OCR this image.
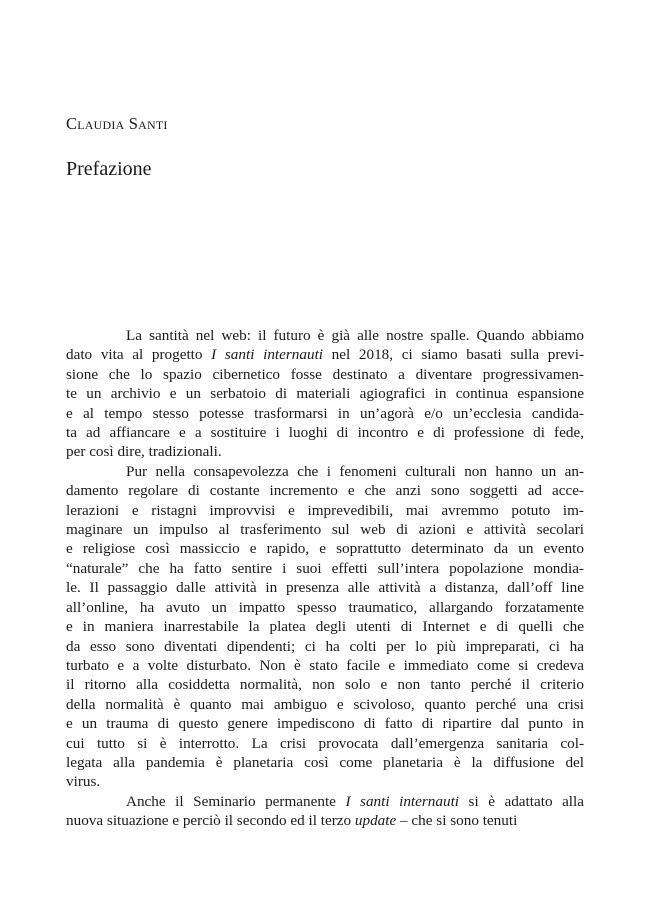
Claudia Santi
Prefazione

La santità nel web: il futuro è già alle nostre spalle. Quando abbiamo
dato vita al progetto I santi internauti nel 2018, ci siamo basati sulla previ-
sione che lo spazio cibernetico fosse destinato a diventare progressivamen-
te un archivio e un serbatoio di materiali agiografici in continua espansione
e al tempo stesso potesse trasformarsi in un’agorà e/o un’ecclesia candida-
ta ad affiancare e a sostituire i luoghi di incontro e di professione di fede,
per così dire, tradizionali.

Pur nella consapevolezza che i fenomeni culturali non hanno un an-
damento regolare di costante incremento e che anzi sono soggetti ad acce-
lerazioni e ristagni improvvisi e imprevedibili, mai avremmo potuto im-
maginare un impulso al trasferimento sul web di azioni e attività secolari
e religiose così massiccio e rapido, e soprattutto determinato da un evento
“naturale” che ha fatto sentire i suoi effetti sull’intera popolazione mondia-
le. Il passaggio dalle attività in presenza alle attività a distanza, dall’off line
all’online, ha avuto un impatto spesso traumatico, allargando forzatamente
e in maniera inarrestabile la platea degli utenti di Internet e di quelli che
da esso sono diventati dipendenti; ci ha colti per lo più impreparati, ci ha
turbato e a volte disturbato. Non è stato facile e immediato come si credeva
il ritorno alla cosiddetta normalità, non solo e non tanto perché il criterio
della normalità è quanto mai ambiguo e scivoloso, quanto perché una crisi
e un trauma di questo genere impediscono di fatto di ripartire dal punto in
cui tutto si è interrotto. La crisi provocata dall’emergenza sanitaria col-
legata alla pandemia è planetaria così come planetaria è la diffusione del
virus.

Anche il Seminario permanente I santi internauti si è adattato alla
nuova situazione e perciò il secondo ed il terzo update – che si sono tenuti
